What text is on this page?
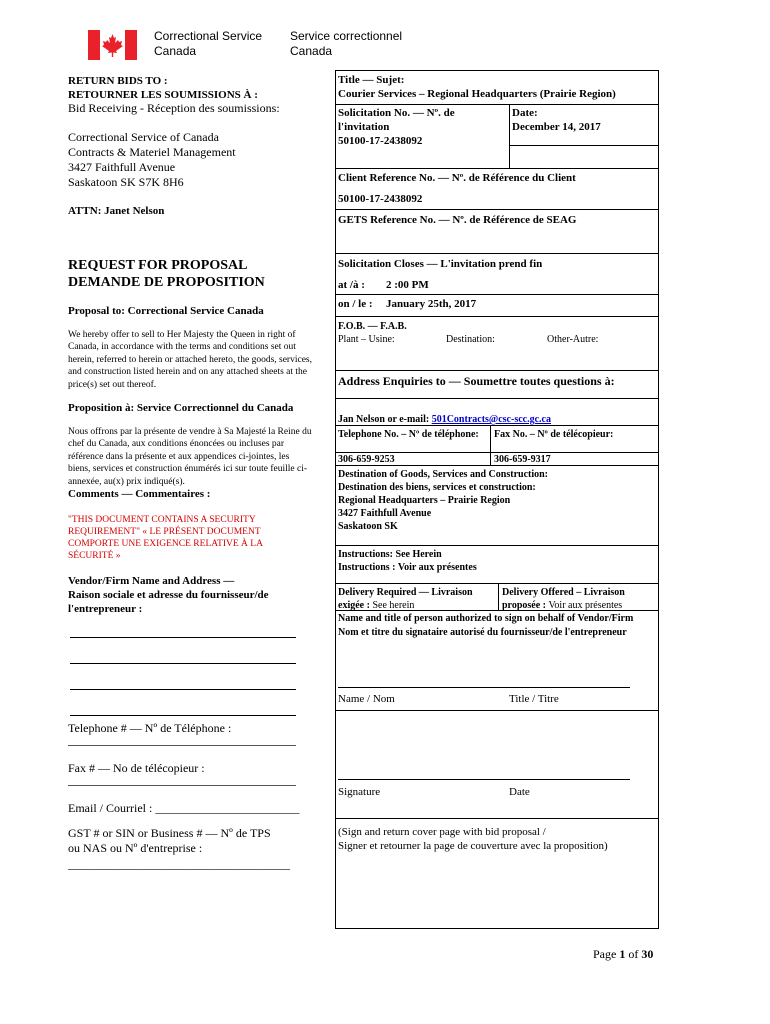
Correctional Service
Canada
Service correctionnel
Canada
RETURN BIDS TO :
RETOURNER LES SOUMISSIONS À :
Bid Receiving - Réception des soumissions:
Correctional Service of Canada
Contracts & Materiel Management
3427 Faithfull Avenue
Saskatoon SK S7K 8H6
ATTN: Janet Nelson
REQUEST FOR PROPOSAL
DEMANDE DE PROPOSITION
Proposal to: Correctional Service Canada
We hereby offer to sell to Her Majesty the Queen in right of Canada, in accordance with the terms and conditions set out herein, referred to herein or attached hereto, the goods, services, and construction listed herein and on any attached sheets at the price(s) set out thereof.
Proposition à: Service Correctionnel du Canada
Nous offrons par la présente de vendre à Sa Majesté la Reine du chef du Canada, aux conditions énoncées ou incluses par référence dans la présente et aux appendices ci-jointes, les biens, services et construction énumérés ici sur toute feuille ci-annexée, au(x) prix indiqué(s).
Comments — Commentaires :
"THIS DOCUMENT CONTAINS A SECURITY REQUIREMENT" « LE PRÉSENT DOCUMENT COMPORTE UNE EXIGENCE RELATIVE À LA SÉCURITÉ »
Vendor/Firm Name and Address —
Raison sociale et adresse du fournisseur/de
l'entrepreneur :
Telephone # — Nº de Téléphone :
Fax # — No de télécopieur :
Email / Courriel : ________________________
GST # or SIN or Business # — Nº de TPS
ou NAS ou Nº d'entreprise :
_____________________________________
Title — Sujet:
Courier Services – Regional Headquarters (Prairie Region)
Solicitation No. — Nº. de
l'invitation
50100-17-2438092
Date:
December 14, 2017
Client Reference No. — Nº. de Référence du Client
50100-17-2438092
GETS Reference No. — Nº. de Référence de SEAG
Solicitation Closes — L'invitation prend fin
at /à : 2 :00 PM
on / le : January 25th, 2017
F.O.B. — F.A.B.
Plant – Usine:	Destination:	Other-Autre:
Address Enquiries to — Soumettre toutes questions à:
Jan Nelson or e-mail: 501Contracts@csc-scc.gc.ca
Telephone No. – Nº de téléphone: Fax No. – Nº de télécopieur:
306-659-9253	306-659-9317
Destination of Goods, Services and Construction:
Destination des biens, services et construction:
Regional Headquarters – Prairie Region
3427 Faithfull Avenue
Saskatoon SK
Instructions: See Herein
Instructions : Voir aux présentes
Delivery Required — Livraison
exigée : See herein
Delivery Offered – Livraison
proposée : Voir aux présentes
Name and title of person authorized to sign on behalf of Vendor/Firm
Nom et titre du signataire autorisé du fournisseur/de l'entrepreneur
Name / Nom	Title / Titre
Signature	Date
(Sign and return cover page with bid proposal /
Signer et retourner la page de couverture avec la proposition)
Page 1 of 30
